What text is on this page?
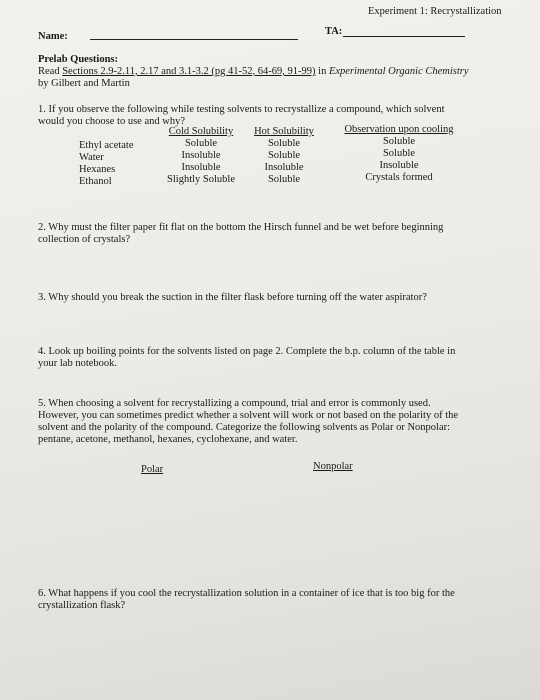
Experiment 1: Recrystallization
TA:
Name:
Prelab Questions:
Read Sections 2.9-2.11, 2.17 and 3.1-3.2 (pg 41-52, 64-69, 91-99) in Experimental Organic Chemistry
by Gilbert and Martin
1. If you observe the following while testing solvents to recrystallize a compound, which solvent
would you choose to use and why?
Ethyl acetate
Water
Hexanes
Ethanol
Cold Solubility
Soluble
Insoluble
Insoluble
Slightly Soluble
Hot Solubility
Soluble
Soluble
Insoluble
Soluble
Observation upon cooling
Soluble
Soluble
Insoluble
Crystals formed
2. Why must the filter paper fit flat on the bottom the Hirsch funnel and be wet before beginning
collection of crystals?
3. Why should you break the suction in the filter flask before turning off the water aspirator?
4. Look up boiling points for the solvents listed on page 2. Complete the b.p. column of the table in
your lab notebook.
5. When choosing a solvent for recrystallizing a compound, trial and error is commonly used.
However, you can sometimes predict whether a solvent will work or not based on the polarity of the
solvent and the polarity of the compound. Categorize the following solvents as Polar or Nonpolar:
pentane, acetone, methanol, hexanes, cyclohexane, and water.
Polar	Nonpolar
6. What happens if you cool the recrystallization solution in a container of ice that is too big for the
crystallization flask?
